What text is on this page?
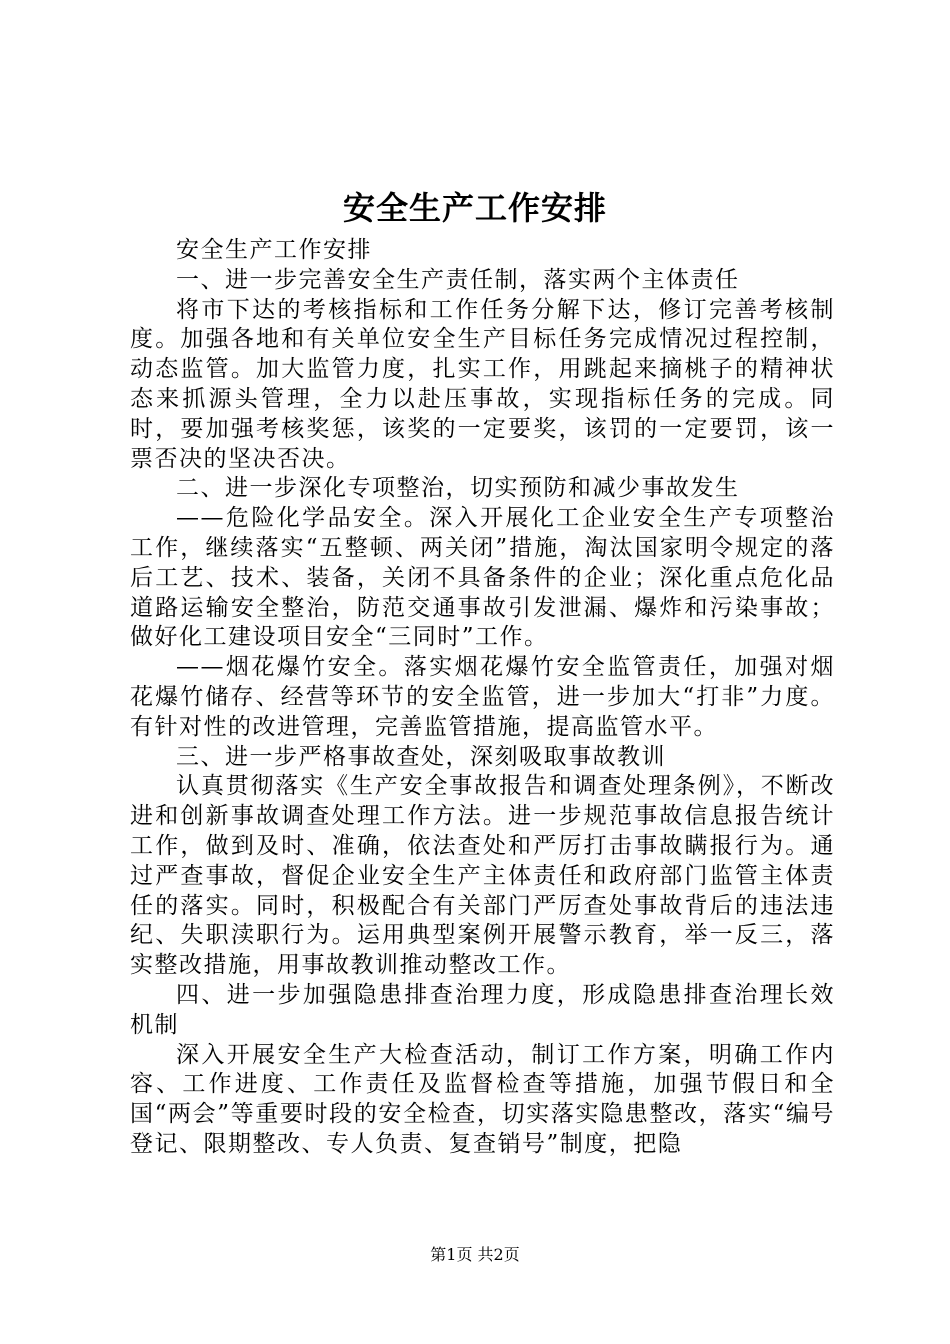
安全生产工作安排

安全生产工作安排

一、进一步完善安全生产责任制，落实两个主体责任

将市下达的考核指标和工作任务分解下达，修订完善考核制度。加强各地和有关单位安全生产目标任务完成情况过程控制，动态监管。加大监管力度，扎实工作，用跳起来摘桃子的精神状态来抓源头管理，全力以赴压事故，实现指标任务的完成。同时，要加强考核奖惩，该奖的一定要奖，该罚的一定要罚，该一票否决的坚决否决。

二、进一步深化专项整治，切实预防和减少事故发生

——危险化学品安全。深入开展化工企业安全生产专项整治工作，继续落实“五整顿、两关闭”措施，淘汰国家明令规定的落后工艺、技术、装备，关闭不具备条件的企业；深化重点危化品道路运输安全整治，防范交通事故引发泄漏、爆炸和污染事故；做好化工建设项目安全“三同时”工作。

——烟花爆竹安全。落实烟花爆竹安全监管责任，加强对烟花爆竹储存、经营等环节的安全监管，进一步加大“打非”力度。有针对性的改进管理，完善监管措施，提高监管水平。

三、进一步严格事故查处，深刻吸取事故教训

认真贯彻落实《生产安全事故报告和调查处理条例》，不断改进和创新事故调查处理工作方法。进一步规范事故信息报告统计工作，做到及时、准确，依法查处和严厉打击事故瞒报行为。通过严查事故，督促企业安全生产主体责任和政府部门监管主体责任的落实。同时，积极配合有关部门严厉查处事故背后的违法违纪、失职渎职行为。运用典型案例开展警示教育，举一反三，落实整改措施，用事故教训推动整改工作。

四、进一步加强隐患排查治理力度，形成隐患排查治理长效机制

深入开展安全生产大检查活动，制订工作方案，明确工作内容、工作进度、工作责任及监督检查等措施，加强节假日和全国“两会”等重要时段的安全检查，切实落实隐患整改，落实“编号登记、限期整改、专人负责、复查销号”制度，把隐

第1页 共2页
